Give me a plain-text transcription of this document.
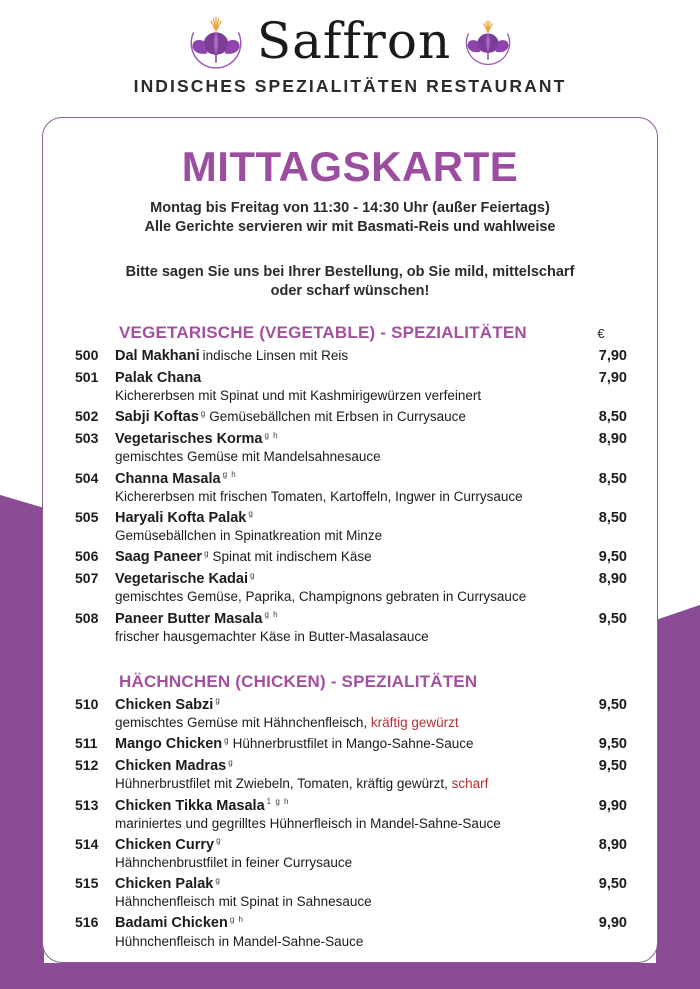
Saffron
INDISCHES SPEZIALITÄTEN RESTAURANT
MITTAGSKARTE
Montag bis Freitag von 11:30 - 14:30 Uhr (außer Feiertags)
Alle Gerichte servieren wir mit Basmati-Reis und wahlweise
Bitte sagen Sie uns bei Ihrer Bestellung, ob Sie mild, mittelscharf
oder scharf wünschen!
VEGETARISCHE (VEGETABLE) - SPEZIALITÄTEN	€
500	Dal Makhani indische Linsen mit Reis	7,90
501	Palak Chana	7,90
Kichererbsen mit Spinat und mit Kashmirigewürzen verfeinert
502	Sabji Koftas $^g$ Gemüsebällchen mit Erbsen in Currysauce	8,50
503	Vegetarisches Korma $^{g h}$	8,90
gemischtes Gemüse mit Mandelsahnesauce
504	Channa Masala $^{g h}$	8,50
Kichererbsen mit frischen Tomaten, Kartoffeln, Ingwer in Currysauce
505	Haryali Kofta Palak $^g$	8,50
Gemüsebällchen in Spinatkreation mit Minze
506	Saag Paneer $^g$ Spinat mit indischem Käse	9,50
507	Vegetarische Kadai $^g$	8,90
gemischtes Gemüse, Paprika, Champignons gebraten in Currysauce
508	Paneer Butter Masala $^{g h}$	9,50
frischer hausgemachter Käse in Butter-Masalasauce
HÄCHNCHEN (CHICKEN) - SPEZIALITÄTEN
510	Chicken Sabzi $^g$	9,50
gemischtes Gemüse mit Hähnchenfleisch, kräftig gewürzt
511	Mango Chicken $^g$ Hühnerbrustfilet in Mango-Sahne-Sauce	9,50
512	Chicken Madras $^g$	9,50
Hühnerbrustfilet mit Zwiebeln, Tomaten, kräftig gewürzt, scharf
513	Chicken Tikka Masala $^{1 g h}$	9,90
mariniertes und gegrilltes Hühnerfleisch in Mandel-Sahne-Sauce
514	Chicken Curry $^g$	8,90
Hähnchenbrustfilet in feiner Currysauce
515	Chicken Palak $^g$	9,50
Hähnchenfleisch mit Spinat in Sahnesauce
516	Badami Chicken $^{g h}$	9,90
Hühnchenfleisch in Mandel-Sahne-Sauce
